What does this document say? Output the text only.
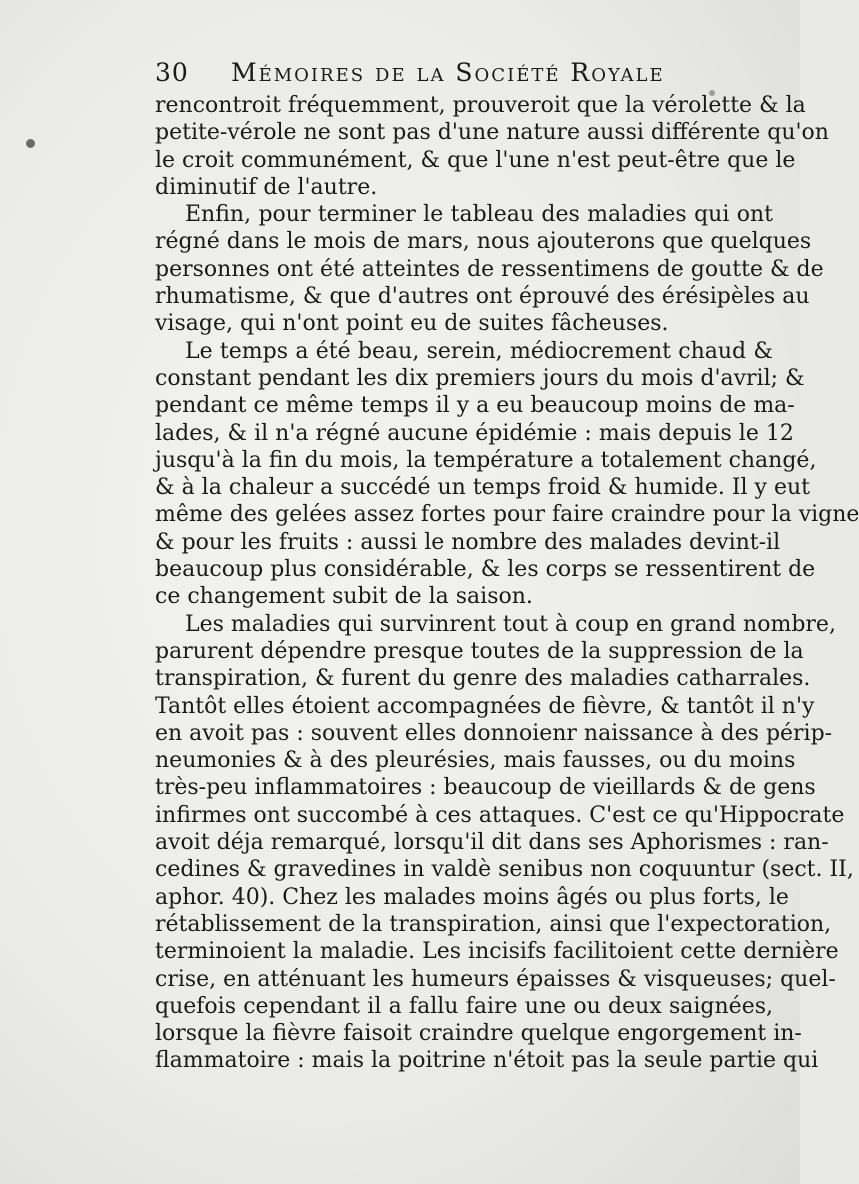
30 Mémoires de la Société Royale
rencontroit fréquemment, prouveroit que la vérolette & la
petite-vérole ne sont pas d'une nature aussi différente qu'on
le croit communément, & que l'une n'est peut-être que le
diminutif de l'autre.
Enfin, pour terminer le tableau des maladies qui ont
régné dans le mois de mars, nous ajouterons que quelques
personnes ont été atteintes de ressentimens de goutte & de
rhumatisme, & que d'autres ont éprouvé des érésipèles au
visage, qui n'ont point eu de suites fâcheuses.
Le temps a été beau, serein, médiocrement chaud &
constant pendant les dix premiers jours du mois d'avril; &
pendant ce même temps il y a eu beaucoup moins de ma-
lades, & il n'a régné aucune épidémie : mais depuis le 12
jusqu'à la fin du mois, la température a totalement changé,
& à la chaleur a succédé un temps froid & humide. Il y eut
même des gelées assez fortes pour faire craindre pour la vigne
& pour les fruits : aussi le nombre des malades devint-il
beaucoup plus considérable, & les corps se ressentirent de
ce changement subit de la saison.
Les maladies qui survinrent tout à coup en grand nombre,
parurent dépendre presque toutes de la suppression de la
transpiration, & furent du genre des maladies catharrales.
Tantôt elles étoient accompagnées de fièvre, & tantôt il n'y
en avoit pas : souvent elles donnoienr naissance à des périp-
neumonies & à des pleurésies, mais fausses, ou du moins
très-peu inflammatoires : beaucoup de vieillards & de gens
infirmes ont succombé à ces attaques. C'est ce qu'Hippocrate
avoit déja remarqué, lorsqu'il dit dans ses Aphorismes : ran-
cedines & gravedines in valdè senibus non coquuntur (sect. II,
aphor. 40). Chez les malades moins âgés ou plus forts, le
rétablissement de la transpiration, ainsi que l'expectoration,
terminoient la maladie. Les incisifs facilitoient cette dernière
crise, en atténuant les humeurs épaisses & visqueuses; quel-
quefois cependant il a fallu faire une ou deux saignées,
lorsque la fièvre faisoit craindre quelque engorgement in-
flammatoire : mais la poitrine n'étoit pas la seule partie qui
